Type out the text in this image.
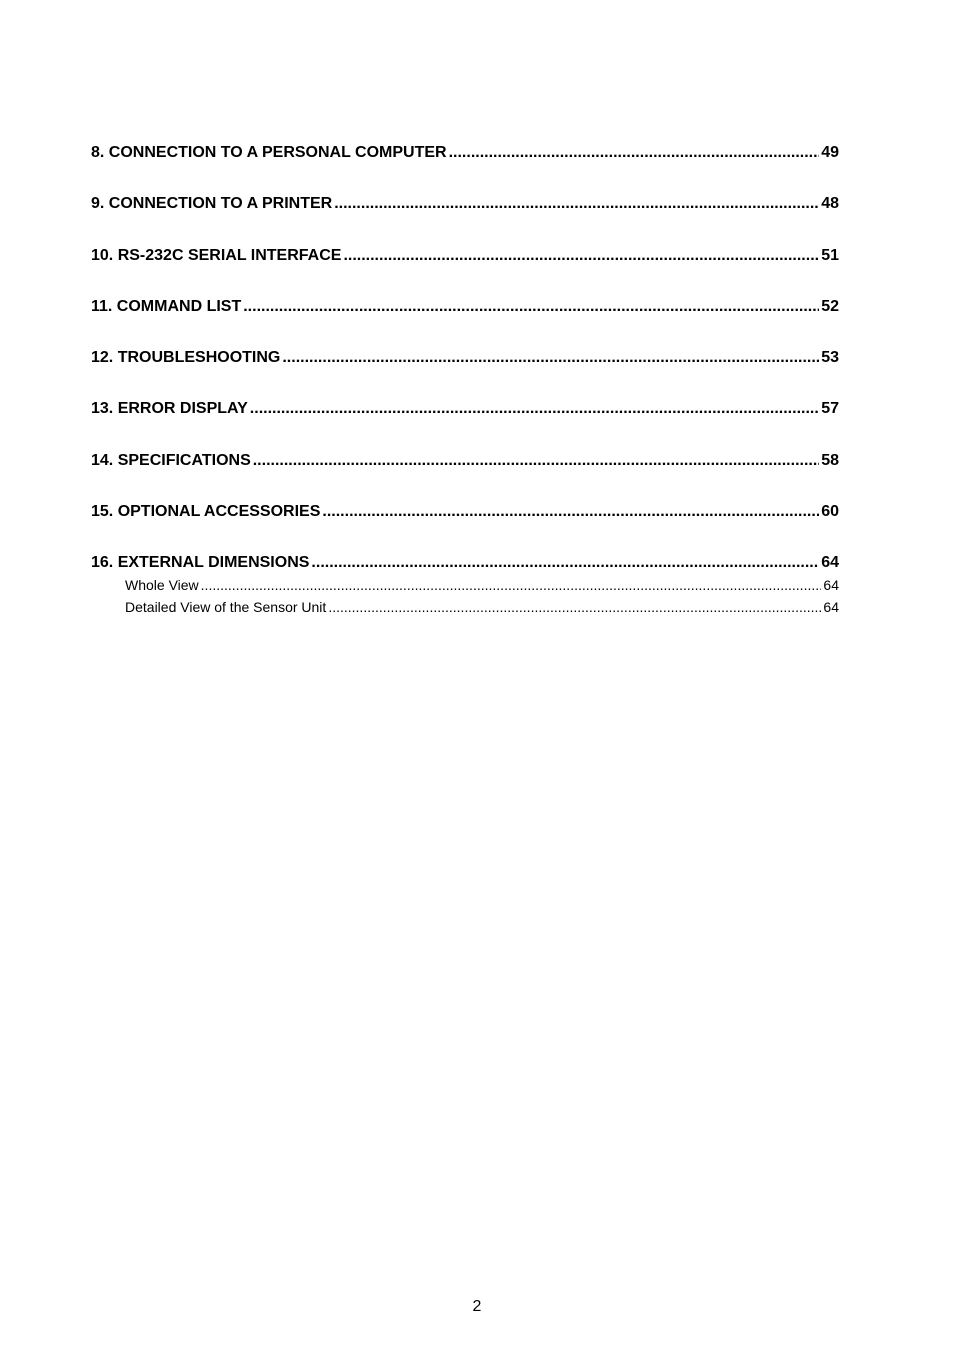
8. CONNECTION TO A PERSONAL COMPUTER .....	49
9. CONNECTION TO A PRINTER .....	48
10. RS-232C SERIAL INTERFACE .....	51
11. COMMAND LIST .....	52
12. TROUBLESHOOTING .....	53
13. ERROR DISPLAY .....	57
14. SPECIFICATIONS .....	58
15. OPTIONAL ACCESSORIES .....	60
16. EXTERNAL DIMENSIONS .....	64
Whole View .....	64
Detailed View of the Sensor Unit .....	64
2
